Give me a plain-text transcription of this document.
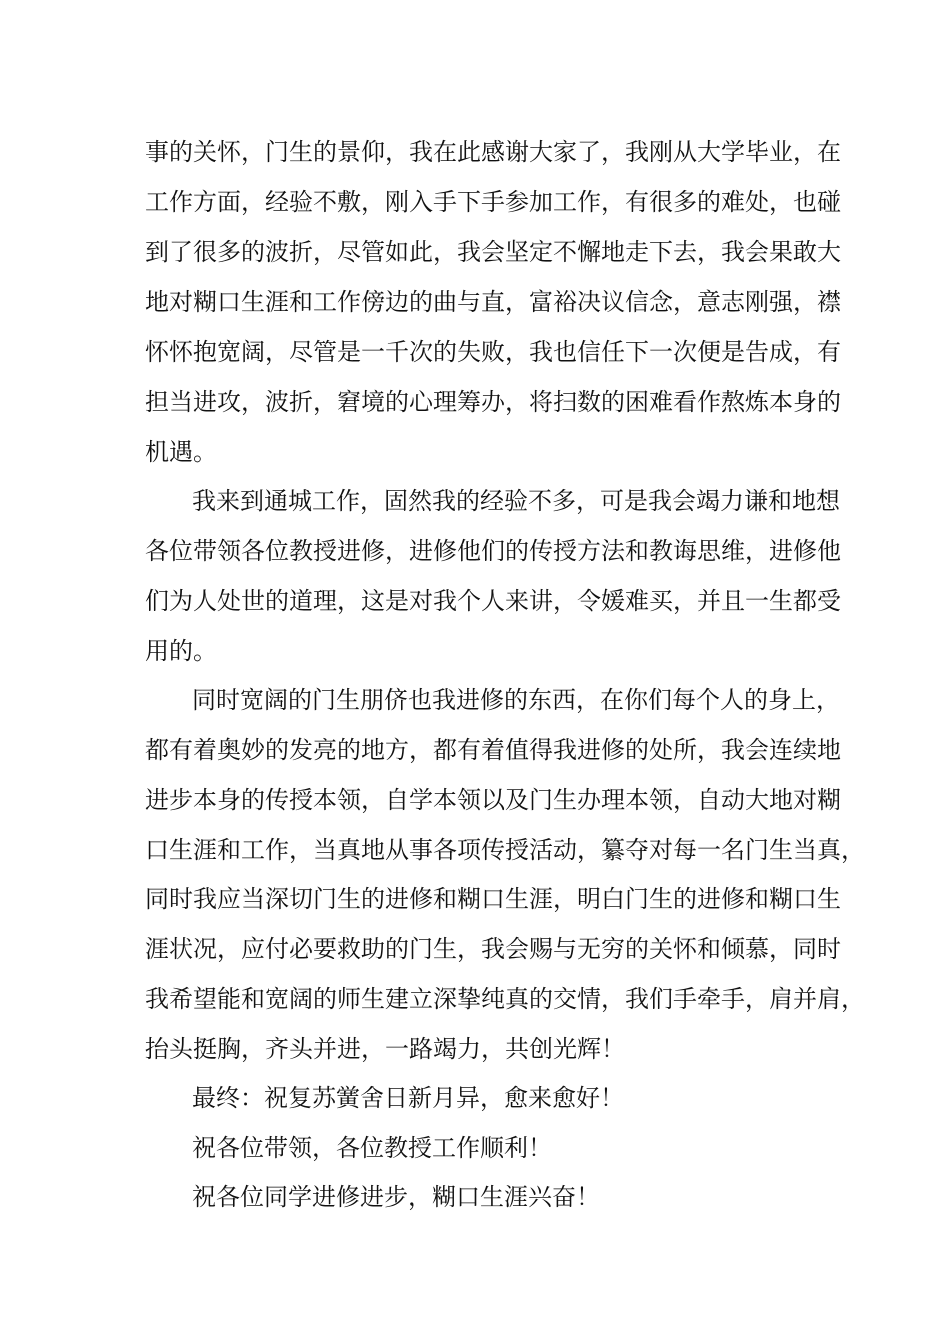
事的关怀，门生的景仰，我在此感谢大家了，我刚从大学毕业，在
工作方面，经验不敷，刚入手下手参加工作，有很多的难处，也碰
到了很多的波折，尽管如此，我会坚定不懈地走下去，我会果敢大
地对糊口生涯和工作傍边的曲与直，富裕决议信念，意志刚强，襟
怀怀抱宽阔，尽管是一千次的失败，我也信任下一次便是告成，有
担当进攻，波折，窘境的心理筹办，将扫数的困难看作熬炼本身的
机遇。
我来到通城工作，固然我的经验不多，可是我会竭力谦和地想
各位带领各位教授进修，进修他们的传授方法和教诲思维，进修他
们为人处世的道理，这是对我个人来讲，令媛难买，并且一生都受
用的。
同时宽阔的门生朋侪也我进修的东西，在你们每个人的身上，
都有着奥妙的发亮的地方，都有着值得我进修的处所，我会连续地
进步本身的传授本领，自学本领以及门生办理本领，自动大地对糊
口生涯和工作，当真地从事各项传授活动，纂夺对每一名门生当真，
同时我应当深切门生的进修和糊口生涯，明白门生的进修和糊口生
涯状况，应付必要救助的门生，我会赐与无穷的关怀和倾慕，同时
我希望能和宽阔的师生建立深挚纯真的交情，我们手牵手，肩并肩，
抬头挺胸，齐头并进，一路竭力，共创光辉！
最终：祝复苏黉舍日新月异，愈来愈好！
祝各位带领，各位教授工作顺利！
祝各位同学进修进步，糊口生涯兴奋！
